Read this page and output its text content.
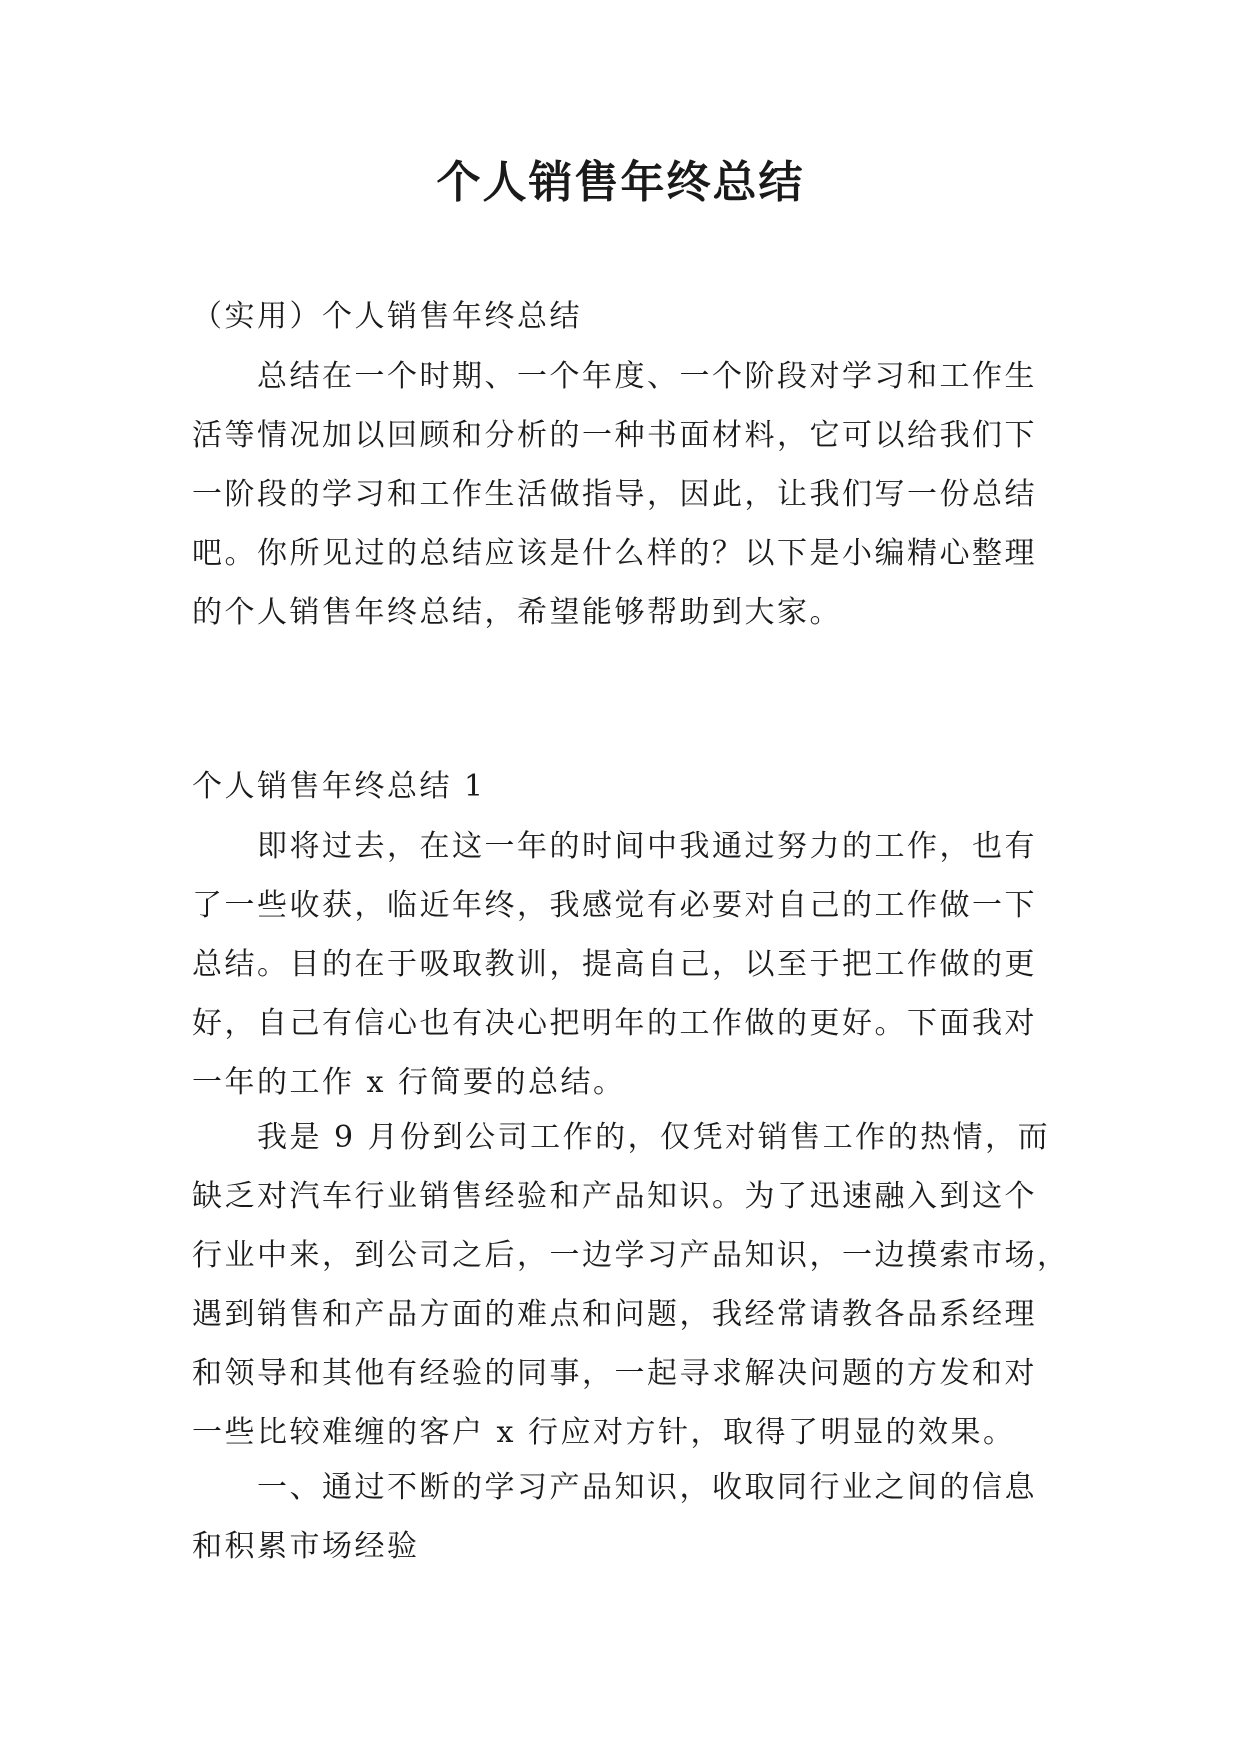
个人销售年终总结

（实用）个人销售年终总结

　　总结在一个时期、一个年度、一个阶段对学习和工作生
活等情况加以回顾和分析的一种书面材料，它可以给我们下
一阶段的学习和工作生活做指导，因此，让我们写一份总结
吧。你所见过的总结应该是什么样的？以下是小编精心整理
的个人销售年终总结，希望能够帮助到大家。

个人销售年终总结 1

　　即将过去，在这一年的时间中我通过努力的工作，也有
了一些收获，临近年终，我感觉有必要对自己的工作做一下
总结。目的在于吸取教训，提高自己，以至于把工作做的更
好，自己有信心也有决心把明年的工作做的更好。下面我对
一年的工作 x 行简要的总结。

　　我是 9 月份到公司工作的，仅凭对销售工作的热情，而
缺乏对汽车行业销售经验和产品知识。为了迅速融入到这个
行业中来，到公司之后，一边学习产品知识，一边摸索市场，
遇到销售和产品方面的难点和问题，我经常请教各品系经理
和领导和其他有经验的同事，一起寻求解决问题的方发和对
一些比较难缠的客户 x 行应对方针，取得了明显的效果。

　　一、通过不断的学习产品知识，收取同行业之间的信息
和积累市场经验
